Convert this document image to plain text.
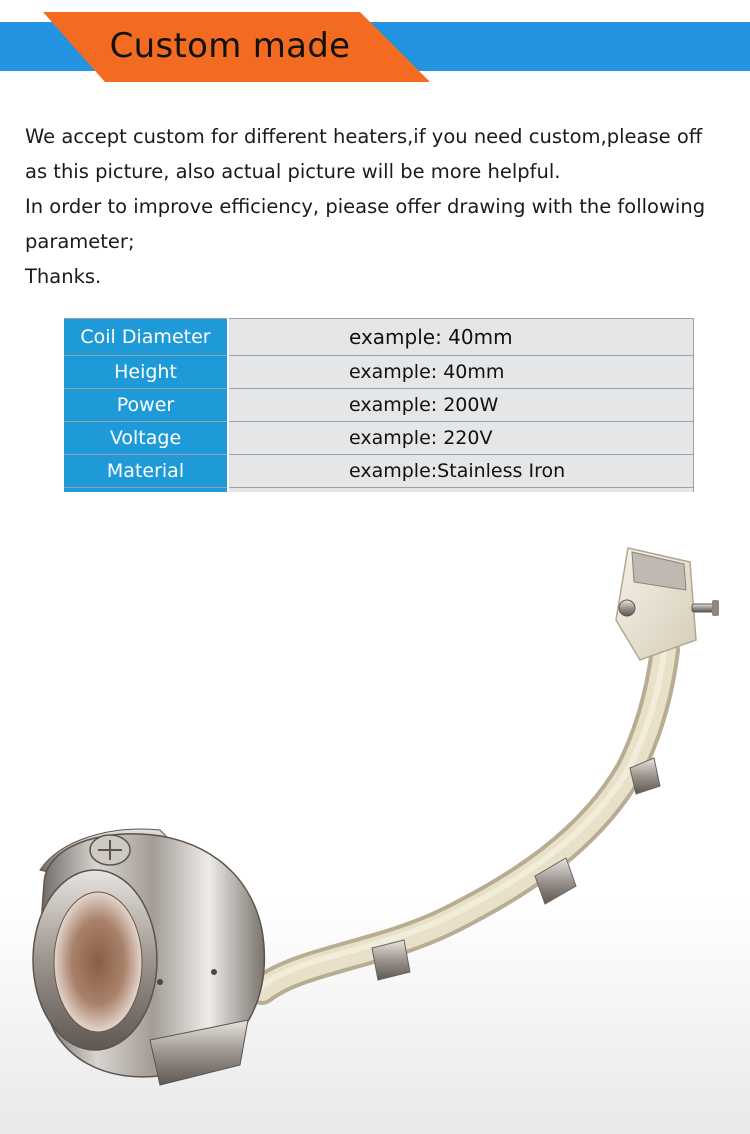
Custom made
We accept custom for different heaters,if you need custom,please off
as this picture, also actual picture will be more helpful.
In order to improve efficiency, piease offer drawing with the following
parameter;
Thanks.
Coil Diameter	example: 40mm
Height	example: 40mm
Power	example: 200W
Voltage	example: 220V
Material	example:Stainless Iron
